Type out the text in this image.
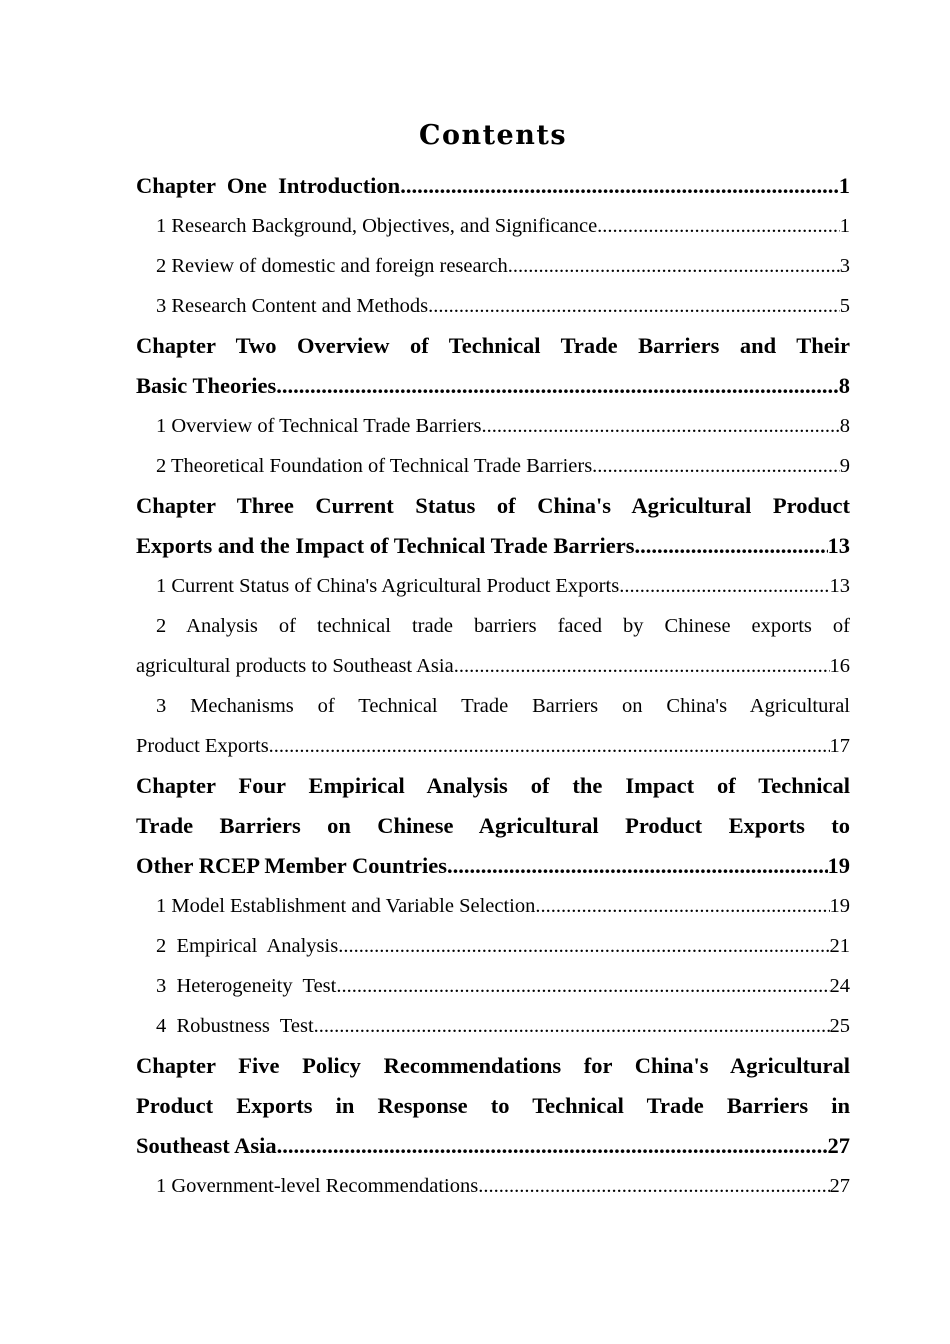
Contents
Chapter  One  Introduction .....	1
1 Research Background, Objectives, and Significance .....	1
2 Review of domestic and foreign research .....	3
3 Research Content and Methods .....	5
Chapter Two Overview of Technical Trade Barriers and Their
Basic Theories .....	8
1 Overview of Technical Trade Barriers .....	8
2 Theoretical Foundation of Technical Trade Barriers .....	9
Chapter Three Current Status of China's Agricultural Product
Exports and the Impact of Technical Trade Barriers .....	13
1 Current Status of China's Agricultural Product Exports .....	13
2 Analysis of technical trade barriers faced by Chinese exports of
agricultural products to Southeast Asia .....	16
3 Mechanisms of Technical Trade Barriers on China's Agricultural
Product Exports .....	17
Chapter Four Empirical Analysis of the Impact of Technical
Trade Barriers on Chinese Agricultural Product Exports to
Other RCEP Member Countries .....	19
1 Model Establishment and Variable Selection .....	19
2  Empirical  Analysis .....	21
3  Heterogeneity  Test .....	24
4  Robustness  Test .....	25
Chapter Five Policy Recommendations for China's Agricultural
Product Exports in Response to Technical Trade Barriers in
Southeast Asia .....	27
1 Government-level Recommendations .....	27
